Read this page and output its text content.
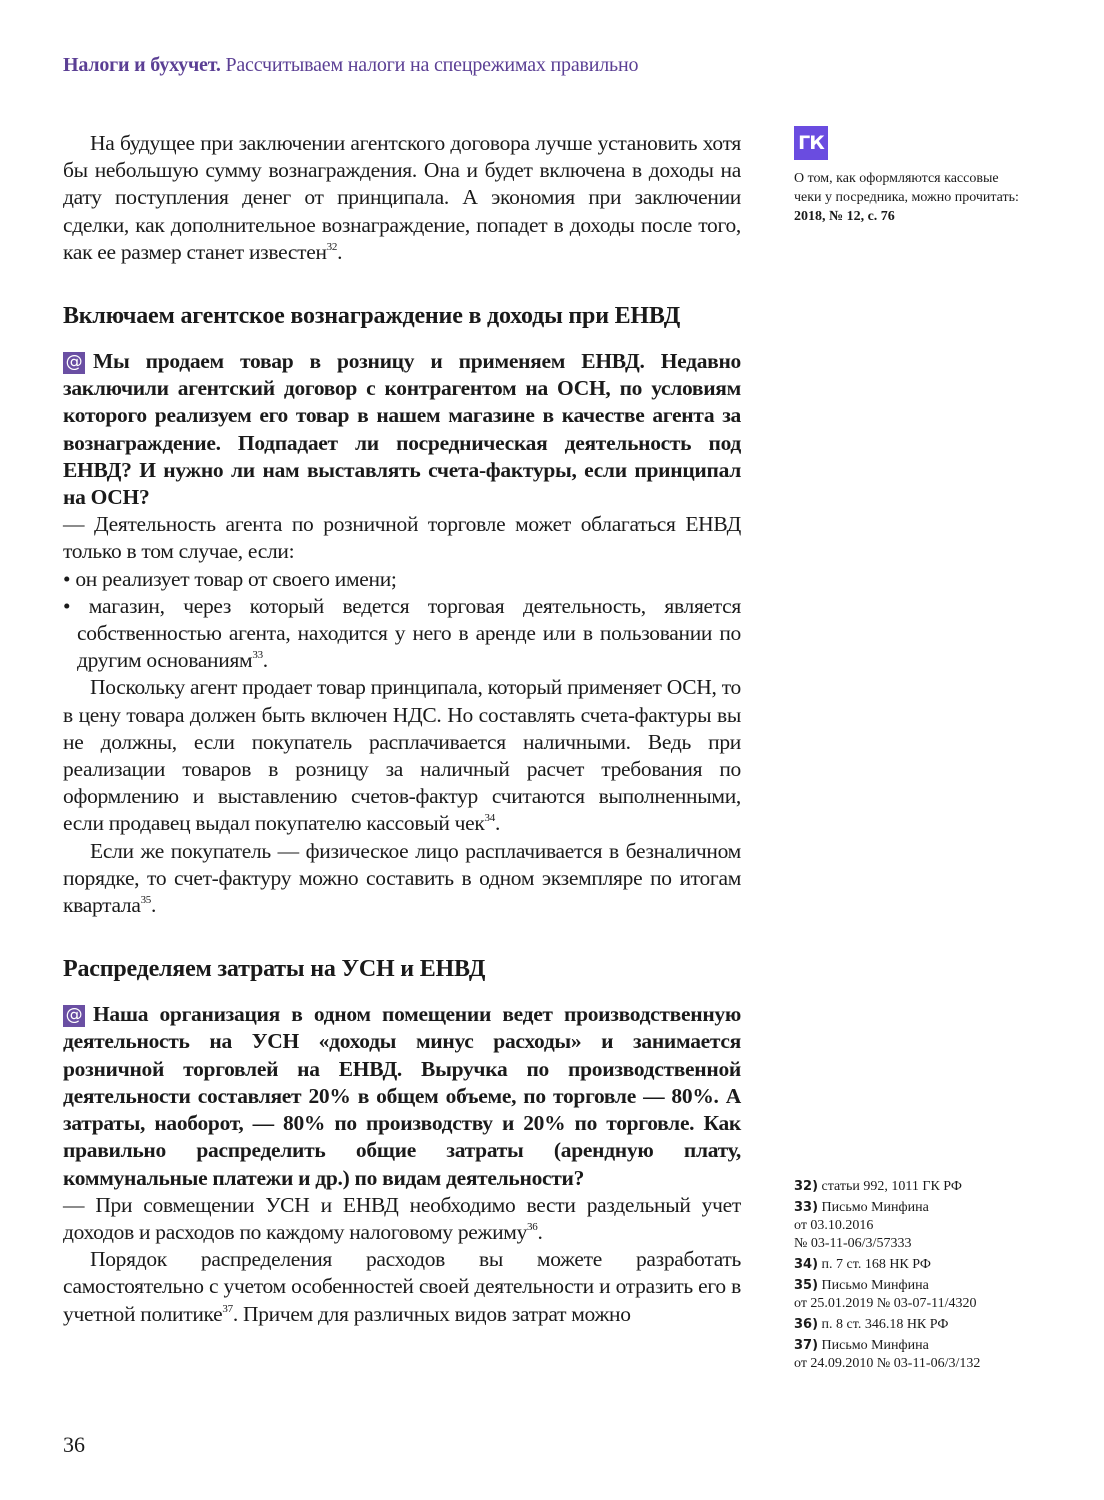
Налоги и бухучет. Рассчитываем налоги на спецрежимах правильно

На будущее при заключении агентского договора лучше установить хотя бы небольшую сумму вознаграждения. Она и будет включена в доходы на дату поступления денег от принципала. А экономия при заключении сделки, как дополнительное вознаграждение, попадет в доходы после того, как ее размер станет известен$^{32}$.

Включаем агентское вознаграждение в доходы при ЕНВД

@ Мы продаем товар в розницу и применяем ЕНВД. Недавно заключили агентский договор с контрагентом на ОСН, по условиям которого реализуем его товар в нашем магазине в качестве агента за вознаграждение. Подпадает ли посредническая деятельность под ЕНВД? И нужно ли нам выставлять счета-фактуры, если принципал на ОСН?

— Деятельность агента по розничной торговле может облагаться ЕНВД только в том случае, если:

• он реализует товар от своего имени;

• магазин, через который ведется торговая деятельность, является собственностью агента, находится у него в аренде или в пользовании по другим основаниям$^{33}$.

Поскольку агент продает товар принципала, который применяет ОСН, то в цену товара должен быть включен НДС. Но составлять счета-фактуры вы не должны, если покупатель расплачивается наличными. Ведь при реализации товаров в розницу за наличный расчет требования по оформлению и выставлению счетов-фактур считаются выполненными, если продавец выдал покупателю кассовый чек$^{34}$.

Если же покупатель — физическое лицо расплачивается в безналичном порядке, то счет-фактуру можно составить в одном экземпляре по итогам квартала$^{35}$.

Распределяем затраты на УСН и ЕНВД

@ Наша организация в одном помещении ведет производственную деятельность на УСН «доходы минус расходы» и занимается розничной торговлей на ЕНВД. Выручка по производственной деятельности составляет 20% в общем объеме, по торговле — 80%. А затраты, наоборот, — 80% по производству и 20% по торговле. Как правильно распределить общие затраты (арендную плату, коммунальные платежи и др.) по видам деятельности?

— При совмещении УСН и ЕНВД необходимо вести раздельный учет доходов и расходов по каждому налоговому режиму$^{36}$.

Порядок распределения расходов вы можете разработать самостоятельно с учетом особенностей своей деятельности и отразить его в учетной политике$^{37}$. Причем для различных видов затрат можно

ГК
О том, как оформляются кассовые чеки у посредника, можно прочитать:
2018, № 12, с. 76
32) статьи 992, 1011 ГК РФ
33) Письмо Минфина
от 03.10.2016
№ 03-11-06/3/57333
34) п. 7 ст. 168 НК РФ
35) Письмо Минфина
от 25.01.2019 № 03-07-11/4320
36) п. 8 ст. 346.18 НК РФ
37) Письмо Минфина
от 24.09.2010 № 03-11-06/3/132
36
